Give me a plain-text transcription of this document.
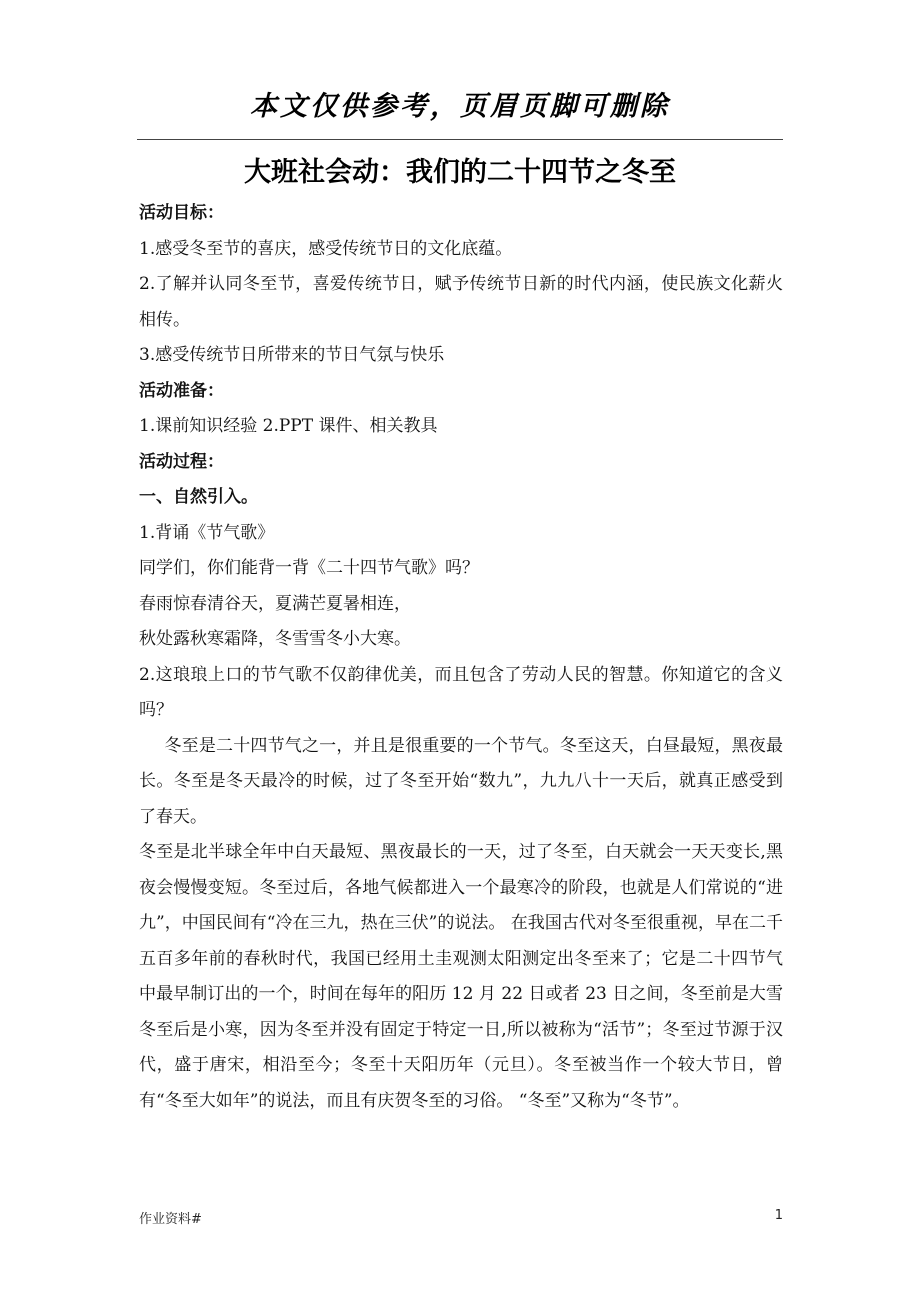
本文仅供参考，页眉页脚可删除
大班社会动：我们的二十四节之冬至

活动目标：

1.感受冬至节的喜庆，感受传统节日的文化底蕴。

2.了解并认同冬至节，喜爱传统节日，赋予传统节日新的时代内涵，使民族文化薪火相传。

3.感受传统节日所带来的节日气氛与快乐

活动准备：

1.课前知识经验 2.PPT 课件、相关教具

活动过程：

一、自然引入。

1.背诵《节气歌》

同学们，你们能背一背《二十四节气歌》吗？

春雨惊春清谷天，夏满芒夏暑相连，

秋处露秋寒霜降，冬雪雪冬小大寒。

2.这琅琅上口的节气歌不仅韵律优美，而且包含了劳动人民的智慧。你知道它的含义吗？

冬至是二十四节气之一，并且是很重要的一个节气。冬至这天，白昼最短，黑夜最长。冬至是冬天最冷的时候，过了冬至开始“数九”，九九八十一天后，就真正感受到了春天。

冬至是北半球全年中白天最短、黑夜最长的一天，过了冬至，白天就会一天天变长,黑夜会慢慢变短。冬至过后，各地气候都进入一个最寒冷的阶段，也就是人们常说的“进九”，中国民间有“冷在三九，热在三伏”的说法。 在我国古代对冬至很重视，早在二千五百多年前的春秋时代，我国已经用土圭观测太阳测定出冬至来了；它是二十四节气中最早制订出的一个，时间在每年的阳历 12 月 22 日或者 23 日之间，冬至前是大雪 冬至后是小寒，因为冬至并没有固定于特定一日,所以被称为“活节”；冬至过节源于汉代，盛于唐宋，相沿至今；冬至十天阳历年（元旦）。冬至被当作一个较大节日，曾有“冬至大如年”的说法，而且有庆贺冬至的习俗。 “冬至”又称为“冬节”。

作业资料#	1
